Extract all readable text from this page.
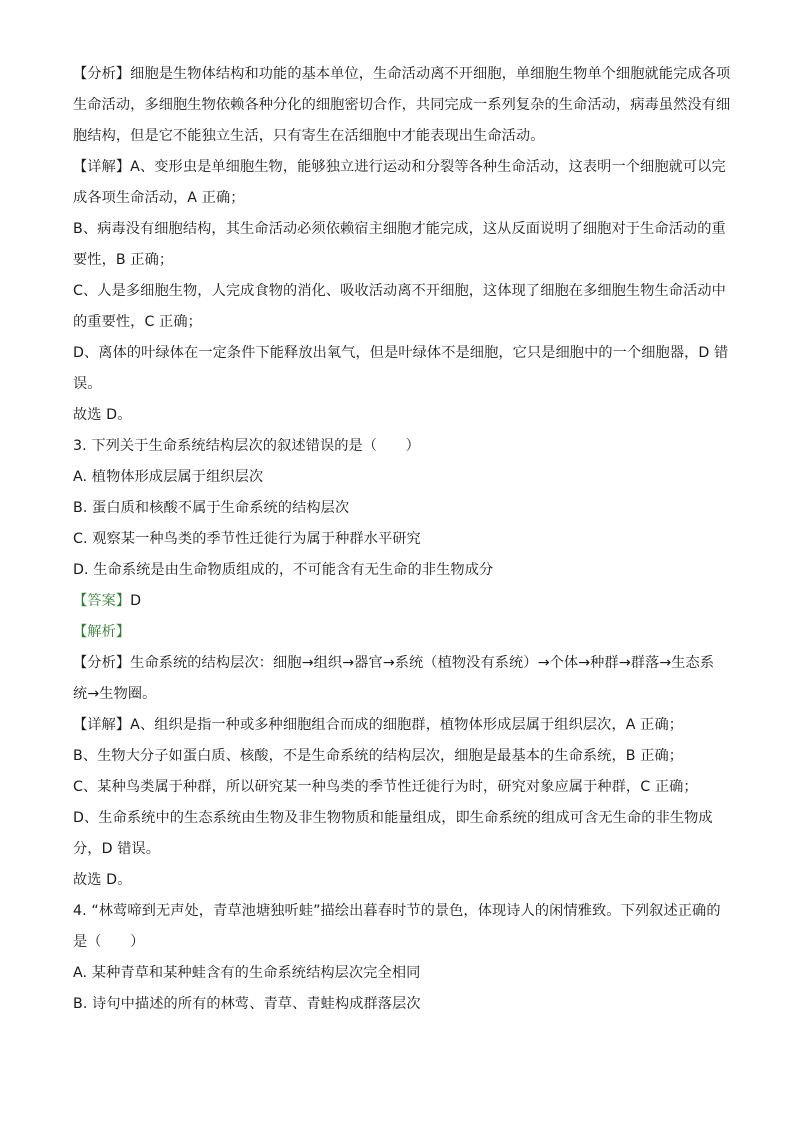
【分析】细胞是生物体结构和功能的基本单位，生命活动离不开细胞，单细胞生物单个细胞就能完成各项

生命活动，多细胞生物依赖各种分化的细胞密切合作，共同完成一系列复杂的生命活动，病毒虽然没有细

胞结构，但是它不能独立生活，只有寄生在活细胞中才能表现出生命活动。

【详解】A、变形虫是单细胞生物，能够独立进行运动和分裂等各种生命活动，这表明一个细胞就可以完

成各项生命活动，A 正确；

B、病毒没有细胞结构，其生命活动必须依赖宿主细胞才能完成，这从反面说明了细胞对于生命活动的重

要性，B 正确；

C、人是多细胞生物，人完成食物的消化、吸收活动离不开细胞，这体现了细胞在多细胞生物生命活动中

的重要性，C 正确；

D、离体的叶绿体在一定条件下能释放出氧气，但是叶绿体不是细胞，它只是细胞中的一个细胞器，D 错

误。

故选 D。

3. 下列关于生命系统结构层次的叙述错误的是（　　）

A. 植物体形成层属于组织层次

B. 蛋白质和核酸不属于生命系统的结构层次

C. 观察某一种鸟类的季节性迁徙行为属于种群水平研究

D. 生命系统是由生命物质组成的，不可能含有无生命的非生物成分

【答案】D

【解析】

【分析】生命系统的结构层次：细胞→组织→器官→系统（植物没有系统）→个体→种群→群落→生态系

统→生物圈。

【详解】A、组织是指一种或多种细胞组合而成的细胞群，植物体形成层属于组织层次，A 正确；

B、生物大分子如蛋白质、核酸，不是生命系统的结构层次，细胞是最基本的生命系统，B 正确；

C、某种鸟类属于种群，所以研究某一种鸟类的季节性迁徙行为时，研究对象应属于种群，C 正确；

D、生命系统中的生态系统由生物及非生物物质和能量组成，即生命系统的组成可含无生命的非生物成

分，D 错误。

故选 D。

4. “林莺啼到无声处，青草池塘独听蛙”描绘出暮春时节的景色，体现诗人的闲情雅致。下列叙述正确的

是（　　）

A. 某种青草和某种蛙含有的生命系统结构层次完全相同

B. 诗句中描述的所有的林莺、青草、青蛙构成群落层次
